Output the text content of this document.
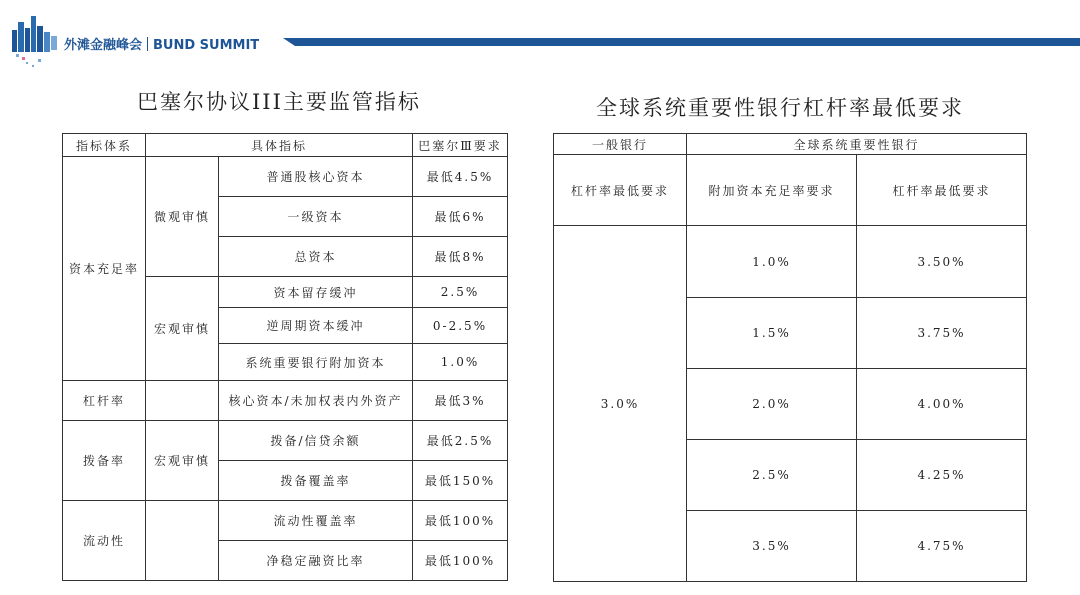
外滩金融峰会 BUND SUMMIT
巴塞尔协议III主要监管指标	全球系统重要性银行杠杆率最低要求
指标体系	具体指标		巴塞尔Ⅲ要求
资本充足率	微观审慎	普通股核心资本	最低4.5%
		一级资本	最低6%
		总资本	最低8%
	宏观审慎	资本留存缓冲	2.5%
		逆周期资本缓冲	0-2.5%
		系统重要银行附加资本	1.0%
杠杆率		核心资本/未加权表内外资产	最低3%
拨备率	宏观审慎	拨备/信贷余额	最低2.5%
		拨备覆盖率	最低150%
流动性		流动性覆盖率	最低100%
		净稳定融资比率	最低100%
一般银行	全球系统重要性银行	
杠杆率最低要求	附加资本充足率要求	杠杆率最低要求
3.0%	1.0%	3.50%
	1.5%	3.75%
	2.0%	4.00%
	2.5%	4.25%
	3.5%	4.75%
